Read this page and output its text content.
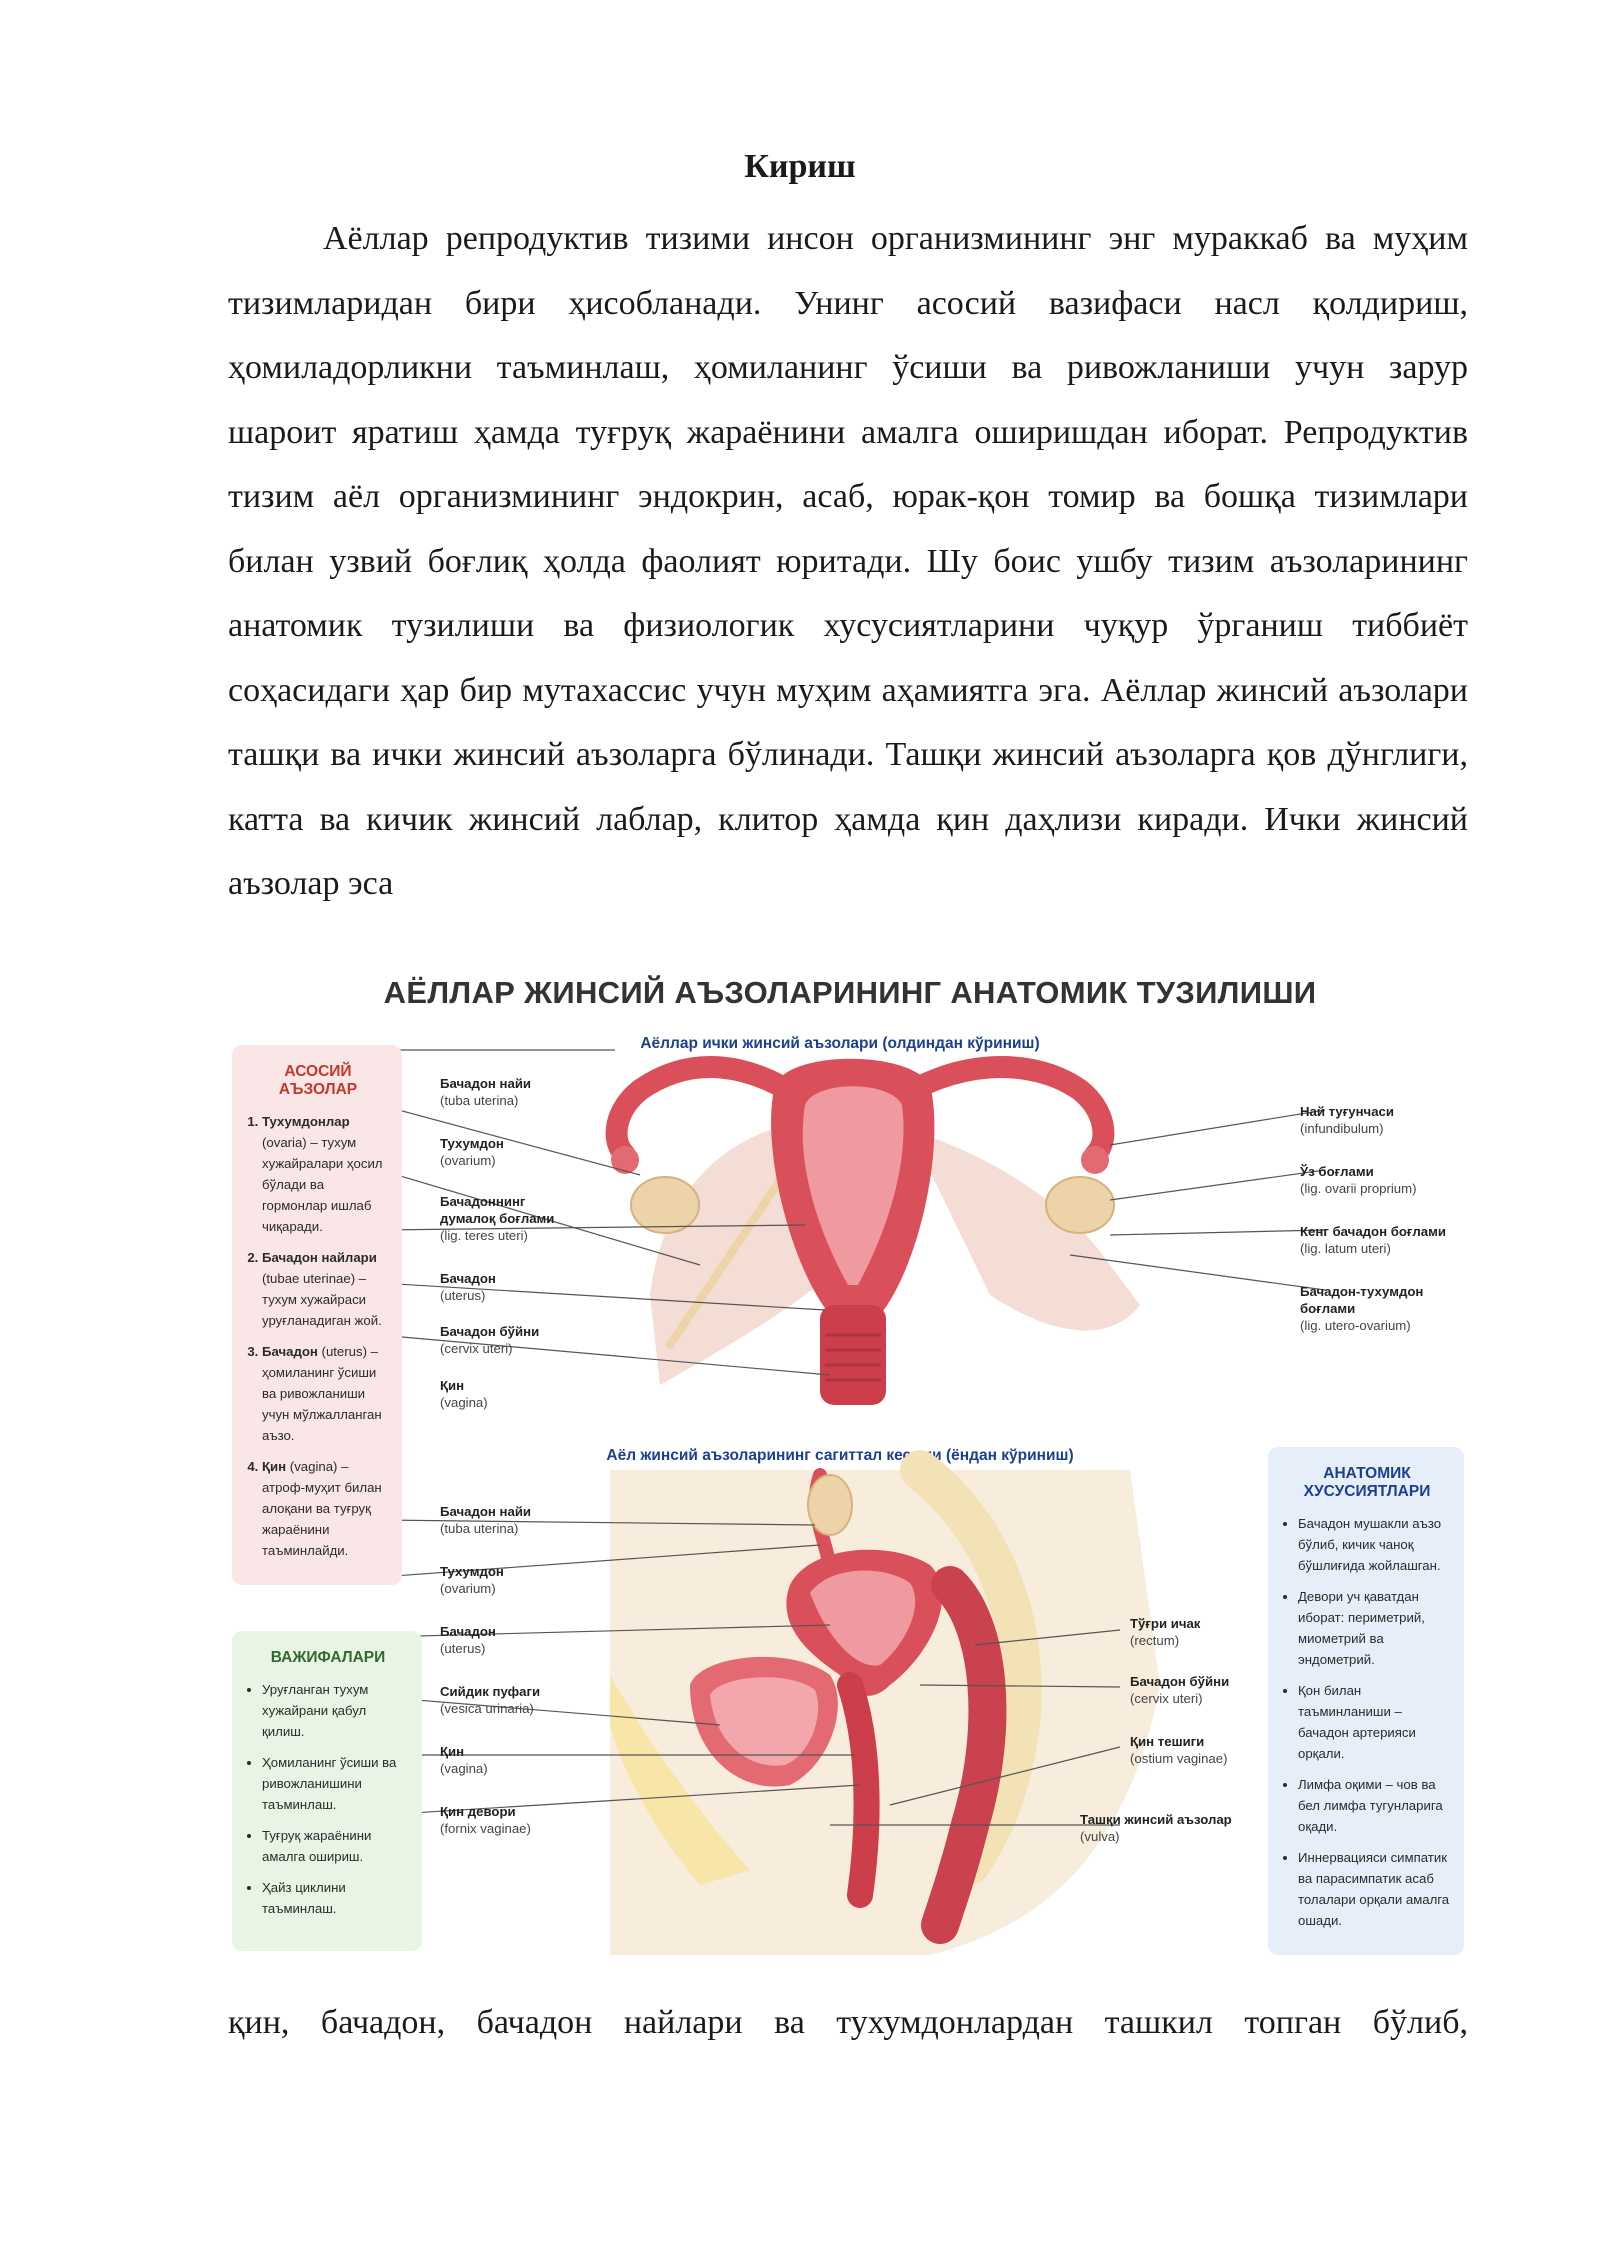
Кириш

Аёллар репродуктив тизими инсон организмининг энг мураккаб ва муҳим тизимларидан бири ҳисобланади. Унинг асосий вазифаси насл қолдириш, ҳомиладорликни таъминлаш, ҳомиланинг ўсиши ва ривожланиши учун зарур шароит яратиш ҳамда туғруқ жараёнини амалга оширишдан иборат. Репродуктив тизим аёл организмининг эндокрин, асаб, юрак-қон томир ва бошқа тизимлари билан узвий боғлиқ ҳолда фаолият юритади. Шу боис ушбу тизим аъзоларининг анатомик тузилиши ва физиологик хусусиятларини чуқур ўрганиш тиббиёт соҳасидаги ҳар бир мутахассис учун муҳим аҳамиятга эга. Аёллар жинсий аъзолари ташқи ва ички жинсий аъзоларга бўлинади. Ташқи жинсий аъзоларга қов дўнглиги, катта ва кичик жинсий лаблар, клитор ҳамда қин даҳлизи киради. Ички жинсий аъзолар эса

АЁЛЛАР ЖИНСИЙ АЪЗОЛАРИНИНГ АНАТОМИК ТУЗИЛИШИ
Аёллар ички жинсий аъзолари (олдиндан кўриниш)
Аёл жинсий аъзоларининг сагиттал кесими (ёндан кўриниш)
АСОСИЙ АЪЗОЛАР
1. Тухумдонлар (ovaria) – тухум хужайралари ҳосил бўлади ва гормонлар ишлаб чиқаради.
2. Бачадон найлари (tubae uterinae) – тухум хужайраси уруғланадиган жой.
3. Бачадон (uterus) – ҳомиланинг ўсиши ва ривожланиши учун мўлжалланган аъзо.
4. Қин (vagina) – атроф-муҳит билан алоқани ва туғруқ жараёнини таъминлайди.
ВАЖИФАЛАРИ
• Уруғланган тухум хужайрани қабул қилиш.
• Ҳомиланинг ўсиши ва ривожланишини таъминлаш.
• Туғруқ жараёнини амалга ошириш.
• Ҳайз циклини таъминлаш.
АНАТОМИК ХУСУСИЯТЛАРИ
• Бачадон мушакли аъзо бўлиб, кичик чаноқ бўшлиғида жойлашган.
• Девори уч қаватдан иборат: периметрий, миометрий ва эндометрий.
• Қон билан таъминланиши – бачадон артерияси орқали.
• Лимфа оқими – чов ва бел лимфа тугунларига оқади.
• Иннервацияси симпатик ва парасимпатик асаб толалари орқали амалга ошади.
Бачадон найи
(tuba uterina)
Тухумдон
(ovarium)
Бачадоннинг думалоқ боғлами
(lig. teres uteri)
Бачадон
(uterus)
Бачадон бўйни
(cervix uteri)
Қин
(vagina)
Най туғунчаси
(infundibulum)
Ўз боғлами
(lig. ovarii proprium)
Кенг бачадон боғлами
(lig. latum uteri)
Бачадон-тухумдон боғлами
(lig. utero-ovarium)
Бачадон найи
(tuba uterina)
Тухумдон
(ovarium)
Бачадон
(uterus)
Сийдик пуфаги
(vesica urinaria)
Қин
(vagina)
Қин девори
(fornix vaginae)
Тўғри ичак
(rectum)
Бачадон бўйни
(cervix uteri)
Қин тешиги
(ostium vaginae)
Ташқи жинсий аъзолар
(vulva)

қин, бачадон, бачадон найлари ва тухумдонлардан ташкил топган бўлиб,
